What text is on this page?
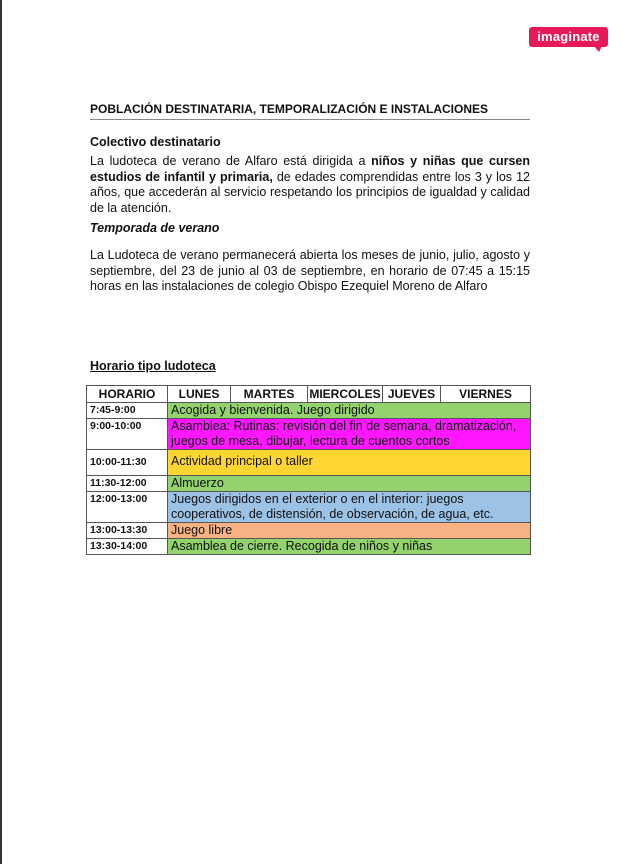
imaginate
POBLACIÓN DESTINATARIA, TEMPORALIZACIÓN E INSTALACIONES
Colectivo destinatario
La ludoteca de verano de Alfaro está dirigida a niños y niñas que cursen estudios de infantil y primaria, de edades comprendidas entre los 3 y los 12 años, que accederán al servicio respetando los principios de igualdad y calidad de la atención.
Temporada de verano
La Ludoteca de verano permanecerá abierta los meses de junio, julio, agosto y septiembre, del 23 de junio al 03 de septiembre, en horario de 07:45 a 15:15 horas en las instalaciones de colegio Obispo Ezequiel Moreno de Alfaro
Horario tipo ludoteca
HORARIO	LUNES	MARTES	MIERCOLES	JUEVES	VIERNES
7:45-9:00	Acogida y bienvenida. Juego dirigido				
9:00-10:00	Asamblea: Rutinas: revisión del fin de semana, dramatización, juegos de mesa, dibujar, lectura de cuentos cortos				
10:00-11:30	Actividad principal o taller				
11:30-12:00	Almuerzo				
12:00-13:00	Juegos dirigidos en el exterior o en el interior: juegos cooperativos, de distensión, de observación, de agua, etc.				
13:00-13:30	Juego libre				
13:30-14:00	Asamblea de cierre. Recogida de niños y niñas				
